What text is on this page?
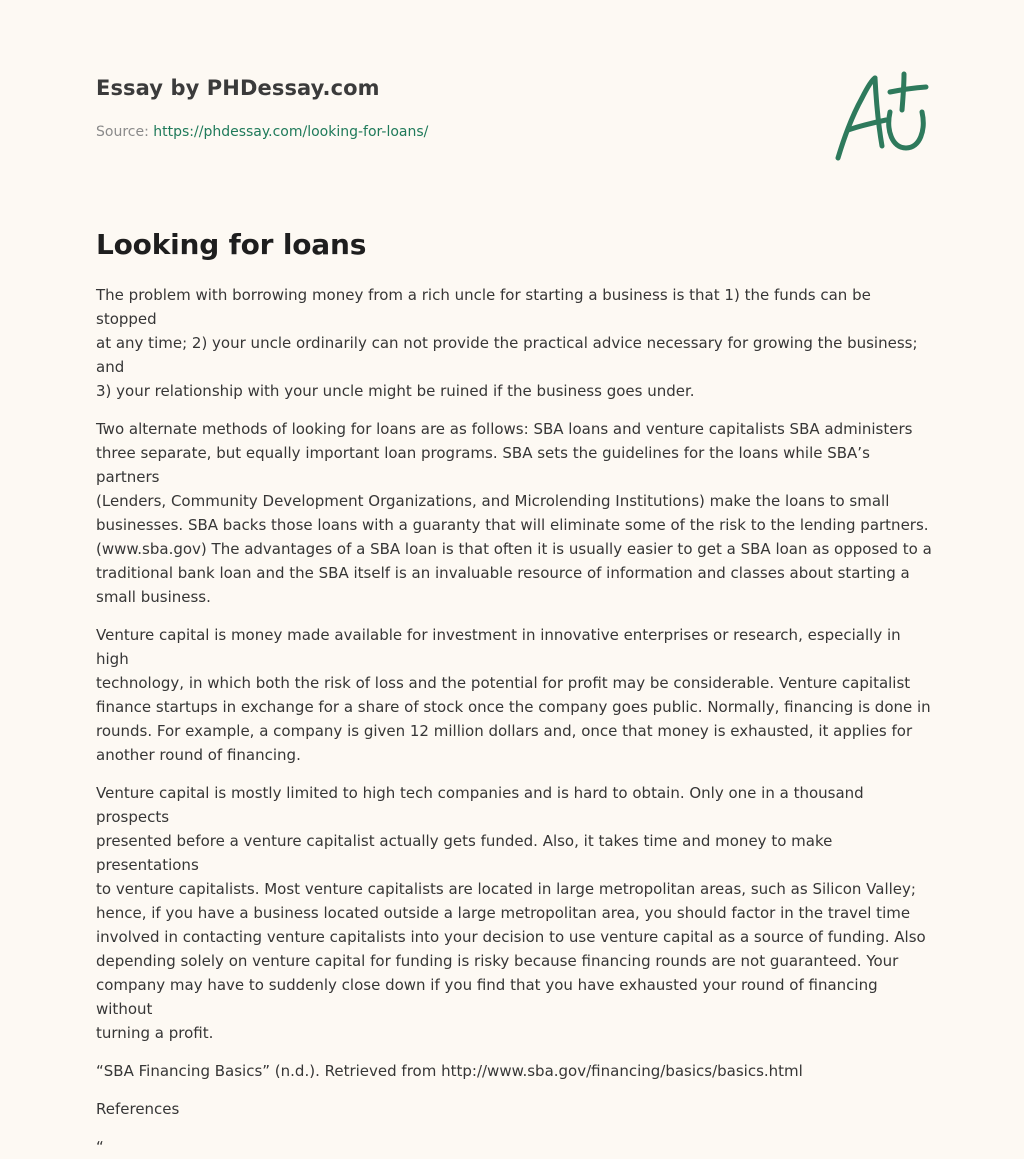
Essay by PHDessay.com
Source: https://phdessay.com/looking-for-loans/
Looking for loans

The problem with borrowing money from a rich uncle for starting a business is that 1) the funds can be stopped
at any time; 2) your uncle ordinarily can not provide the practical advice necessary for growing the business; and
3) your relationship with your uncle might be ruined if the business goes under.

Two alternate methods of looking for loans are as follows: SBA loans and venture capitalists SBA administers
three separate, but equally important loan programs. SBA sets the guidelines for the loans while SBA’s partners
(Lenders, Community Development Organizations, and Microlending Institutions) make the loans to small
businesses. SBA backs those loans with a guaranty that will eliminate some of the risk to the lending partners.
(www.sba.gov) The advantages of a SBA loan is that often it is usually easier to get a SBA loan as opposed to a
traditional bank loan and the SBA itself is an invaluable resource of information and classes about starting a
small business.

Venture capital is money made available for investment in innovative enterprises or research, especially in high
technology, in which both the risk of loss and the potential for profit may be considerable. Venture capitalist
finance startups in exchange for a share of stock once the company goes public. Normally, financing is done in
rounds. For example, a company is given 12 million dollars and, once that money is exhausted, it applies for
another round of financing.

Venture capital is mostly limited to high tech companies and is hard to obtain. Only one in a thousand prospects
presented before a venture capitalist actually gets funded. Also, it takes time and money to make presentations
to venture capitalists. Most venture capitalists are located in large metropolitan areas, such as Silicon Valley;
hence, if you have a business located outside a large metropolitan area, you should factor in the travel time
involved in contacting venture capitalists into your decision to use venture capital as a source of funding. Also
depending solely on venture capital for funding is risky because financing rounds are not guaranteed. Your
company may have to suddenly close down if you find that you have exhausted your round of financing without
turning a profit.

“SBA Financing Basics” (n.d.). Retrieved from http://www.sba.gov/financing/basics/basics.html

References

“
